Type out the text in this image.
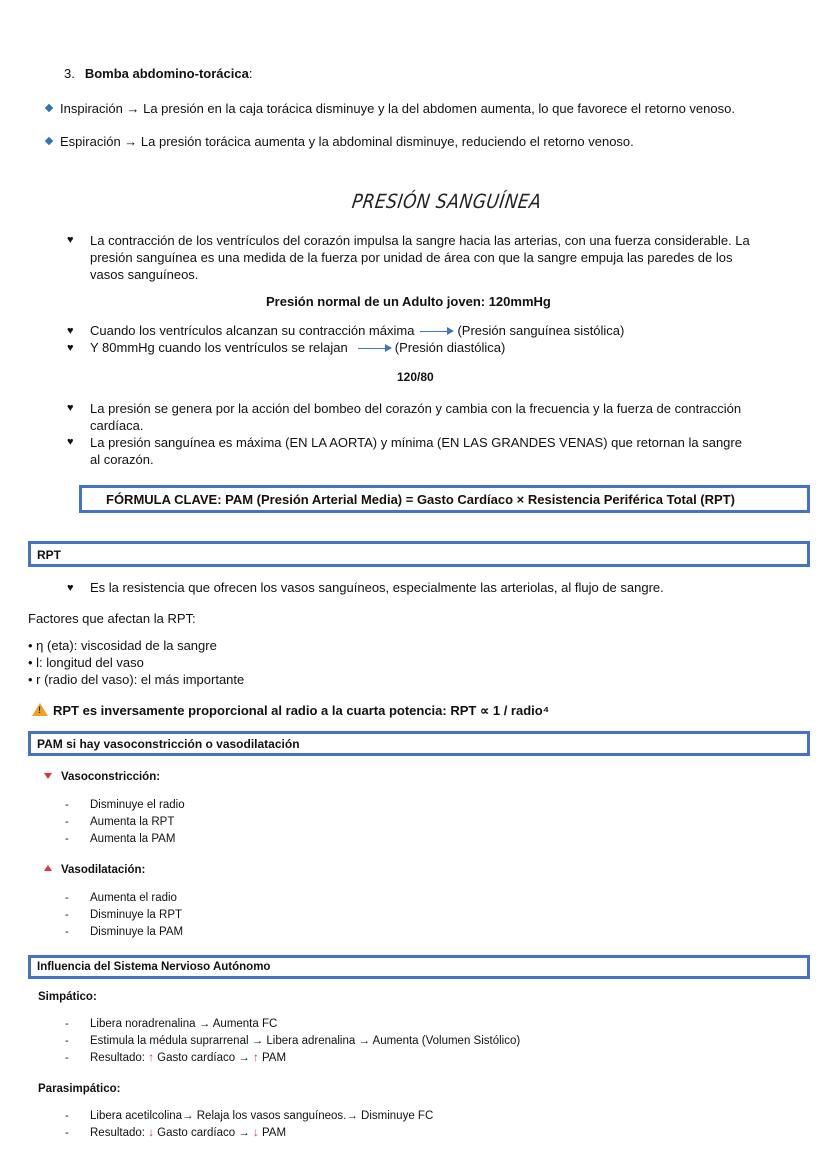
3. Bomba abdomino-torácica:
Inspiración → La presión en la caja torácica disminuye y la del abdomen aumenta, lo que favorece el retorno venoso.
Espiración → La presión torácica aumenta y la abdominal disminuye, reduciendo el retorno venoso.
PRESIÓN SANGUÍNEA
♥ La contracción de los ventrículos del corazón impulsa la sangre hacia las arterias, con una fuerza considerable. La
presión sanguínea es una medida de la fuerza por unidad de área con que la sangre empuja las paredes de los
vasos sanguíneos.
Presión normal de un Adulto joven: 120mmHg
♥ Cuando los ventrículos alcanzan su contracción máxima	(Presión sanguínea sistólica)
♥ Y 80mmHg cuando los ventrículos se relajan	(Presión diastólica)
120/80
♥ La presión se genera por la acción del bombeo del corazón y cambia con la frecuencia y la fuerza de contracción
cardíaca.
♥ La presión sanguínea es máxima (EN LA AORTA) y mínima (EN LAS GRANDES VENAS) que retornan la sangre
al corazón.
FÓRMULA CLAVE: PAM (Presión Arterial Media) = Gasto Cardíaco × Resistencia Periférica Total (RPT)
RPT
♥ Es la resistencia que ofrecen los vasos sanguíneos, especialmente las arteriolas, al flujo de sangre.
Factores que afectan la RPT:
• η (eta): viscosidad de la sangre
• l: longitud del vaso
• r (radio del vaso): el más importante
!RPT es inversamente proporcional al radio a la cuarta potencia: RPT ∝ 1 / radio⁴
PAM si hay vasoconstricción o vasodilatación
Vasoconstricción:
- Disminuye el radio
- Aumenta la RPT
- Aumenta la PAM
Vasodilatación:
- Aumenta el radio
- Disminuye la RPT
- Disminuye la PAM
Influencia del Sistema Nervioso Autónomo
Simpático:
- Libera noradrenalina → Aumenta FC
- Estimula la médula suprarrenal → Libera adrenalina → Aumenta (Volumen Sistólico)
- Resultado: ↑ Gasto cardíaco → ↑ PAM
Parasimpático:
- Libera acetilcolina→ Relaja los vasos sanguíneos.→ Disminuye FC
- Resultado: ↓ Gasto cardíaco → ↓ PAM
